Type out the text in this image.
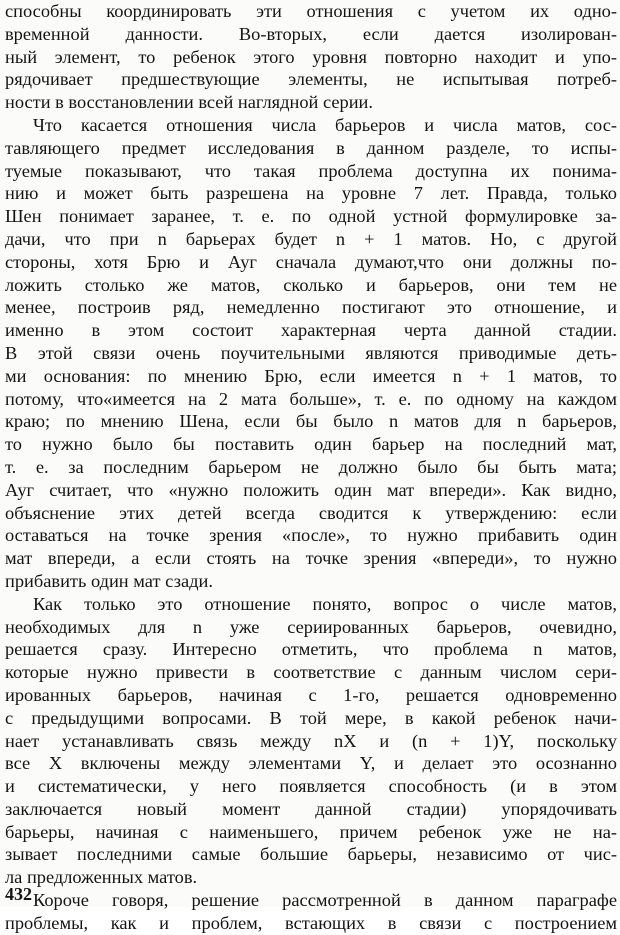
способны координировать эти отношения с учетом их одно-
временной данности. Во-вторых, если дается изолирован-
ный элемент, то ребенок этого уровня повторно находит и упо-
рядочивает предшествующие элементы, не испытывая потреб-
ности в восстановлении всей наглядной серии.
Что касается отношения числа барьеров и числа матов, сос-
тавляющего предмет исследования в данном разделе, то испы-
туемые показывают, что такая проблема доступна их понима-
нию и может быть разрешена на уровне 7 лет. Правда, только
Шен понимает заранее, т. е. по одной устной формулировке за-
дачи, что при n барьерах будет n + 1 матов. Но, с другой
стороны, хотя Брю и Ауг сначала думают,что они должны по-
ложить столько же матов, сколько и барьеров, они тем не
менее, построив ряд, немедленно постигают это отношение, и
именно в этом состоит характерная черта данной стадии.
В этой связи очень поучительными являются приводимые деть-
ми основания: по мнению Брю, если имеется n + 1 матов, то
потому, что«имеется на 2 мата больше», т. е. по одному на каждом
краю; по мнению Шена, если бы было n матов для n барьеров,
то нужно было бы поставить один барьер на последний мат,
т. е. за последним барьером не должно было бы быть мата;
Ауг считает, что «нужно положить один мат впереди». Как видно,
объяснение этих детей всегда сводится к утверждению: если
оставаться на точке зрения «после», то нужно прибавить один
мат впереди, а если стоять на точке зрения «впереди», то нужно
прибавить один мат сзади.
Как только это отношение понято, вопрос о числе матов,
необходимых для n уже сериированных барьеров, очевидно,
решается сразу. Интересно отметить, что проблема n матов,
которые нужно привести в соответствие с данным числом сери-
ированных барьеров, начиная с 1-го, решается одновременно
с предыдущими вопросами. В той мере, в какой ребенок начи-
нает устанавливать связь между nX и (n + 1)Y, поскольку
все X включены между элементами Y, и делает это осознанно
и систематически, у него появляется способность (и в этом
заключается новый момент данной стадии) упорядочивать
барьеры, начиная с наименьшего, причем ребенок уже не на-
зывает последними самые большие барьеры, независимо от чис-
ла предложенных матов.
Короче говоря, решение рассмотренной в данном параграфе
проблемы, как и проблем, встающих в связи с построением
432
